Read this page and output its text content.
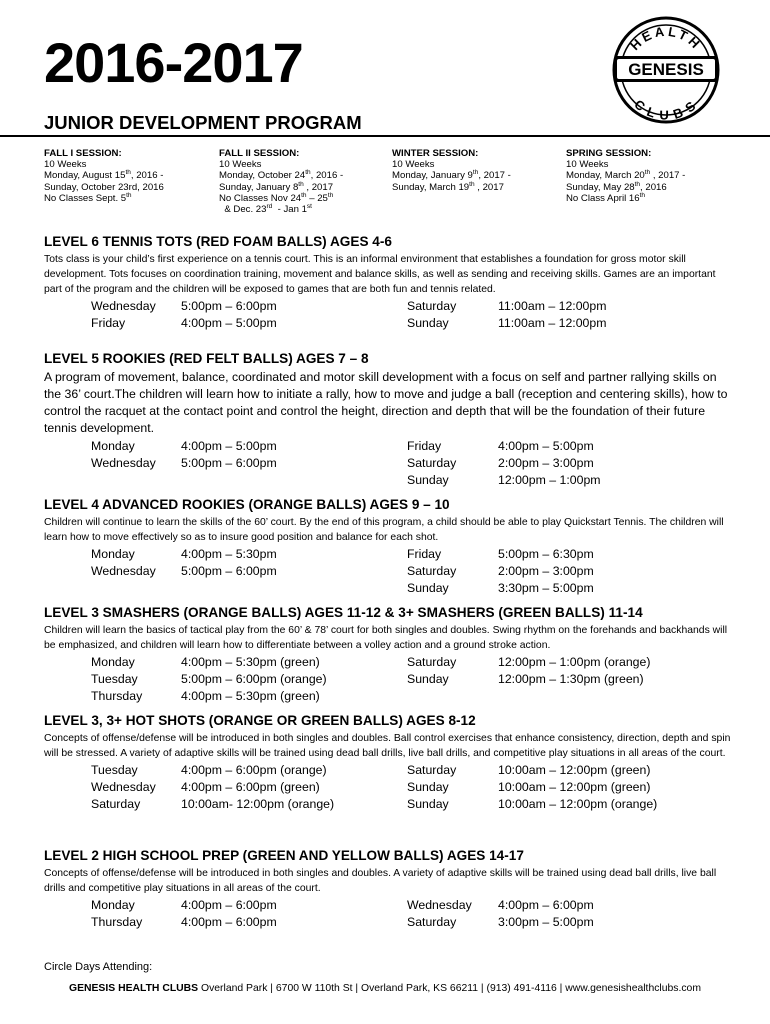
2016-2017
JUNIOR DEVELOPMENT PROGRAM
HEALTH
GENESIS
CLUBS
FALL I SESSION:
10 Weeks
Monday, August 15th, 2016 -
Sunday, October 23rd, 2016
No Classes Sept. 5th
FALL II SESSION:
10 Weeks
Monday, October 24th, 2016 -
Sunday, January 8th , 2017
No Classes Nov 24th – 25th
& Dec. 23rd  - Jan 1st
WINTER SESSION:
10 Weeks
Monday, January 9th, 2017 -
Sunday, March 19th , 2017
SPRING SESSION:
10 Weeks
Monday, March 20th , 2017 -
Sunday, May 28th, 2016
No Class April 16th
LEVEL 6 TENNIS TOTS (RED FOAM BALLS) AGES 4-6

Tots class is your child’s first experience on a tennis court. This is an informal environment that establishes a foundation for gross motor skill development. Tots focuses on coordination training, movement and balance skills, as well as sending and receiving skills. Games are an important part of the program and the children will be exposed to games that are both fun and tennis related.

Wednesday 5:00pm – 6:00pm	Saturday	11:00am – 12:00pm
Friday	4:00pm – 5:00pm	Sunday	11:00am – 12:00pm
LEVEL 5 ROOKIES (RED FELT BALLS) AGES 7 – 8

A program of movement, balance, coordinated and motor skill development with a focus on self and partner rallying skills on the 36’ court.The children will learn how to initiate a rally, how to move and judge a ball (reception and centering skills), how to control the racquet at the contact point and control the height, direction and depth that will be the foundation of their future tennis development.

Monday	4:00pm – 5:00pm	Friday	4:00pm – 5:00pm
Wednesday 5:00pm – 6:00pm	Saturday	2:00pm – 3:00pm
Sunday	12:00pm – 1:00pm
LEVEL 4 ADVANCED ROOKIES (ORANGE BALLS) AGES 9 – 10

Children will continue to learn the skills of the 60’ court. By the end of this program, a child should be able to play Quickstart Tennis. The children will learn how to move effectively so as to insure good position and balance for each shot.

Monday	4:00pm – 5:30pm	Friday	5:00pm – 6:30pm
Wednesday 5:00pm – 6:00pm	Saturday	2:00pm – 3:00pm
Sunday	3:30pm – 5:00pm
LEVEL 3 SMASHERS (ORANGE BALLS) AGES 11-12 & 3+ SMASHERS (GREEN BALLS) 11-14

Children will learn the basics of tactical play from the 60’ & 78’ court for both singles and doubles. Swing rhythm on the forehands and backhands will be emphasized, and children will learn how to differentiate between a volley action and a ground stroke action.

Monday	4:00pm – 5:30pm (green)	Saturday	12:00pm – 1:00pm (orange)
Tuesday	5:00pm – 6:00pm (orange)	Sunday	12:00pm – 1:30pm (green)
Thursday	4:00pm – 5:30pm (green)
LEVEL 3, 3+ HOT SHOTS (ORANGE OR GREEN BALLS) AGES 8-12

Concepts of offense/defense will be introduced in both singles and doubles. Ball control exercises that enhance consistency, direction, depth and spin will be stressed. A variety of adaptive skills will be trained using dead ball drills, live ball drills, and competitive play situations in all areas of the court.

Tuesday	4:00pm – 6:00pm (orange)	Saturday	10:00am – 12:00pm (green)
Wednesday 4:00pm – 6:00pm (green)	Sunday	10:00am – 12:00pm (green)
Saturday	10:00am- 12:00pm (orange)	Sunday	10:00am – 12:00pm (orange)
LEVEL 2 HIGH SCHOOL PREP (GREEN AND YELLOW BALLS) AGES 14-17

Concepts of offense/defense will be introduced in both singles and doubles. A variety of adaptive skills will be trained using dead ball drills, live ball drills and competitive play situations in all areas of the court.

Monday	4:00pm – 6:00pm	Wednesday 4:00pm – 6:00pm
Thursday	4:00pm – 6:00pm	Saturday	3:00pm – 5:00pm
Circle Days Attending:
GENESIS HEALTH CLUBS Overland Park | 6700 W 110th St | Overland Park, KS 66211 | (913) 491-4116 | www.genesishealthclubs.com
